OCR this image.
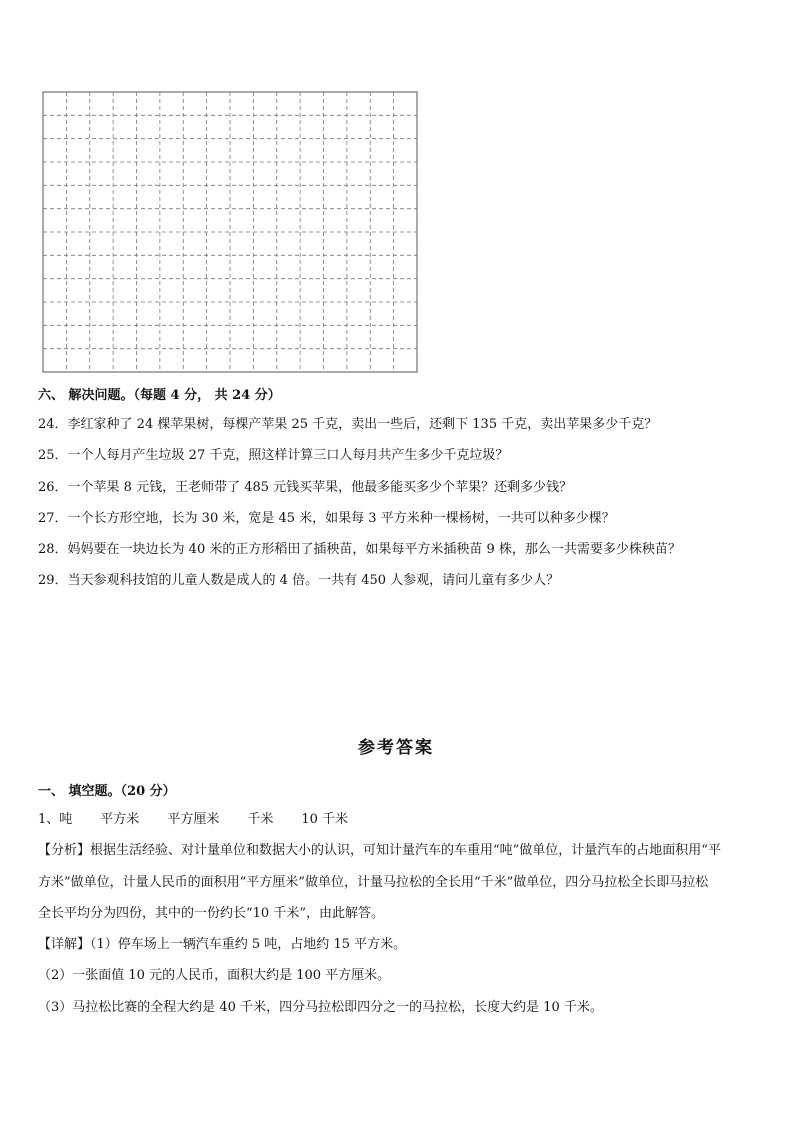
六、 解决问题。（每题 4 分， 共 24 分）
24．李红家种了 24 棵苹果树，每棵产苹果 25 千克，卖出一些后，还剩下 135 千克，卖出苹果多少千克？
25．一个人每月产生垃圾 27 千克，照这样计算三口人每月共产生多少千克垃圾？
26．一个苹果 8 元钱，王老师带了 485 元钱买苹果，他最多能买多少个苹果？还剩多少钱？
27．一个长方形空地，长为 30 米，宽是 45 米，如果每 3 平方米种一棵杨树，一共可以种多少棵？
28．妈妈要在一块边长为 40 米的正方形稻田了插秧苗，如果每平方米插秧苗 9 株，那么一共需要多少株秧苗？
29．当天参观科技馆的儿童人数是成人的 4 倍。一共有 450 人参观，请问儿童有多少人？
参考答案
一、 填空题。（20 分）
1、吨 平方米 平方厘米 千米 10 千米
【分析】根据生活经验、对计量单位和数据大小的认识，可知计量汽车的车重用“吨”做单位，计量汽车的占地面积用“平
方米”做单位，计量人民币的面积用“平方厘米”做单位，计量马拉松的全长用“千米”做单位，四分马拉松全长即马拉松
全长平均分为四份，其中的一份约长“10 千米”，由此解答。
【详解】（1）停车场上一辆汽车重约 5 吨，占地约 15 平方米。
（2）一张面值 10 元的人民币，面积大约是 100 平方厘米。
（3）马拉松比赛的全程大约是 40 千米，四分马拉松即四分之一的马拉松，长度大约是 10 千米。
